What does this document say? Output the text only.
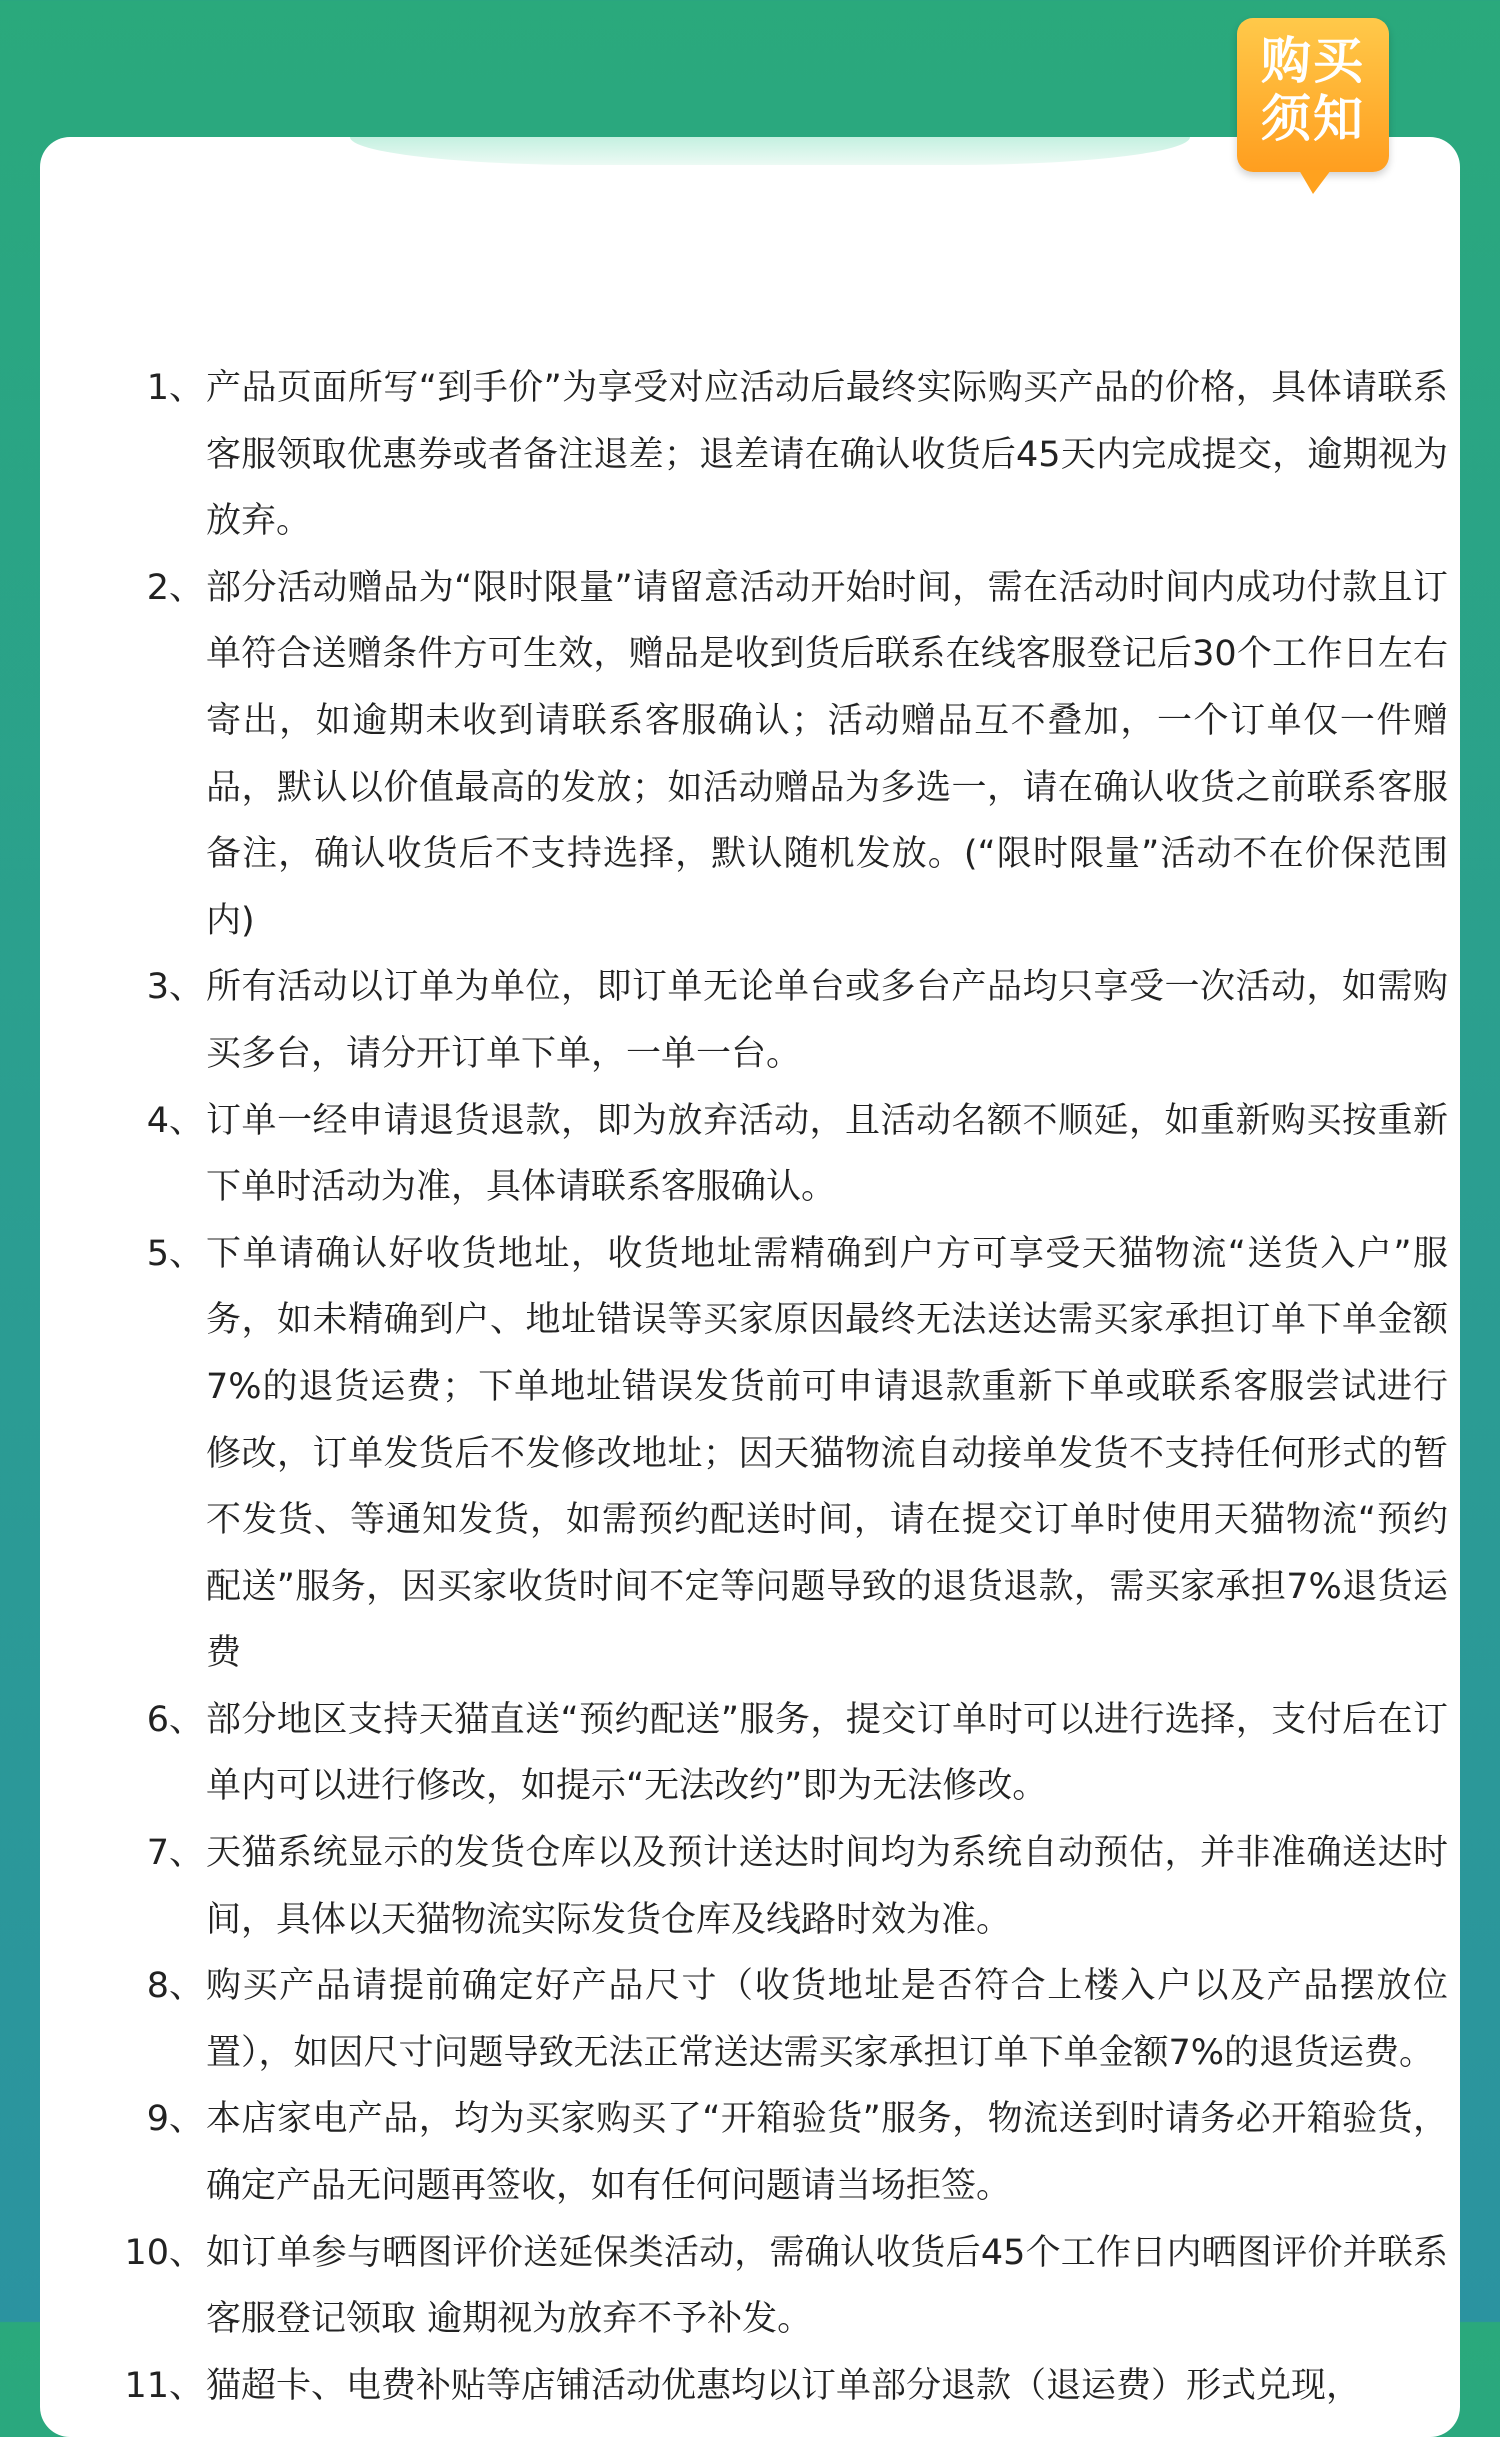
1、 产品页面所写“到手价”为享受对应活动后最终实际购买产品的价格，具体请联系客服领取优惠券或者备注退差；退差请在确认收货后45天内完成提交，逾期视为放弃。
2、 部分活动赠品为“限时限量”请留意活动开始时间，需在活动时间内成功付款且订单符合送赠条件方可生效，赠品是收到货后联系在线客服登记后30个工作日左右寄出，如逾期未收到请联系客服确认；活动赠品互不叠加，一个订单仅一件赠品，默认以价值最高的发放；如活动赠品为多选一，请在确认收货之前联系客服备注，确认收货后不支持选择，默认随机发放。(“限时限量”活动不在价保范围内)
3、 所有活动以订单为单位，即订单无论单台或多台产品均只享受一次活动，如需购买多台，请分开订单下单，一单一台。
4、 订单一经申请退货退款，即为放弃活动，且活动名额不顺延，如重新购买按重新下单时活动为准，具体请联系客服确认。
5、 下单请确认好收货地址，收货地址需精确到户方可享受天猫物流“送货入户”服务，如未精确到户、地址错误等买家原因最终无法送达需买家承担订单下单金额7%的退货运费；下单地址错误发货前可申请退款重新下单或联系客服尝试进行修改，订单发货后不发修改地址；因天猫物流自动接单发货不支持任何形式的暂不发货、等通知发货，如需预约配送时间，请在提交订单时使用天猫物流“预约配送”服务，因买家收货时间不定等问题导致的退货退款，需买家承担7%退货运费
6、 部分地区支持天猫直送“预约配送”服务，提交订单时可以进行选择，支付后在订单内可以进行修改，如提示“无法改约”即为无法修改。
7、 天猫系统显示的发货仓库以及预计送达时间均为系统自动预估，并非准确送达时间，具体以天猫物流实际发货仓库及线路时效为准。
8、 购买产品请提前确定好产品尺寸（收货地址是否符合上楼入户以及产品摆放位置），如因尺寸问题导致无法正常送达需买家承担订单下单金额7%的退货运费。
9、 本店家电产品，均为买家购买了“开箱验货”服务，物流送到时请务必开箱验货，确定产品无问题再签收，如有任何问题请当场拒签。
10、 如订单参与晒图评价送延保类活动，需确认收货后45个工作日内晒图评价并联系客服登记领取 逾期视为放弃不予补发。
11、 猫超卡、电费补贴等店铺活动优惠均以订单部分退款（退运费）形式兑现，
购买
须知
